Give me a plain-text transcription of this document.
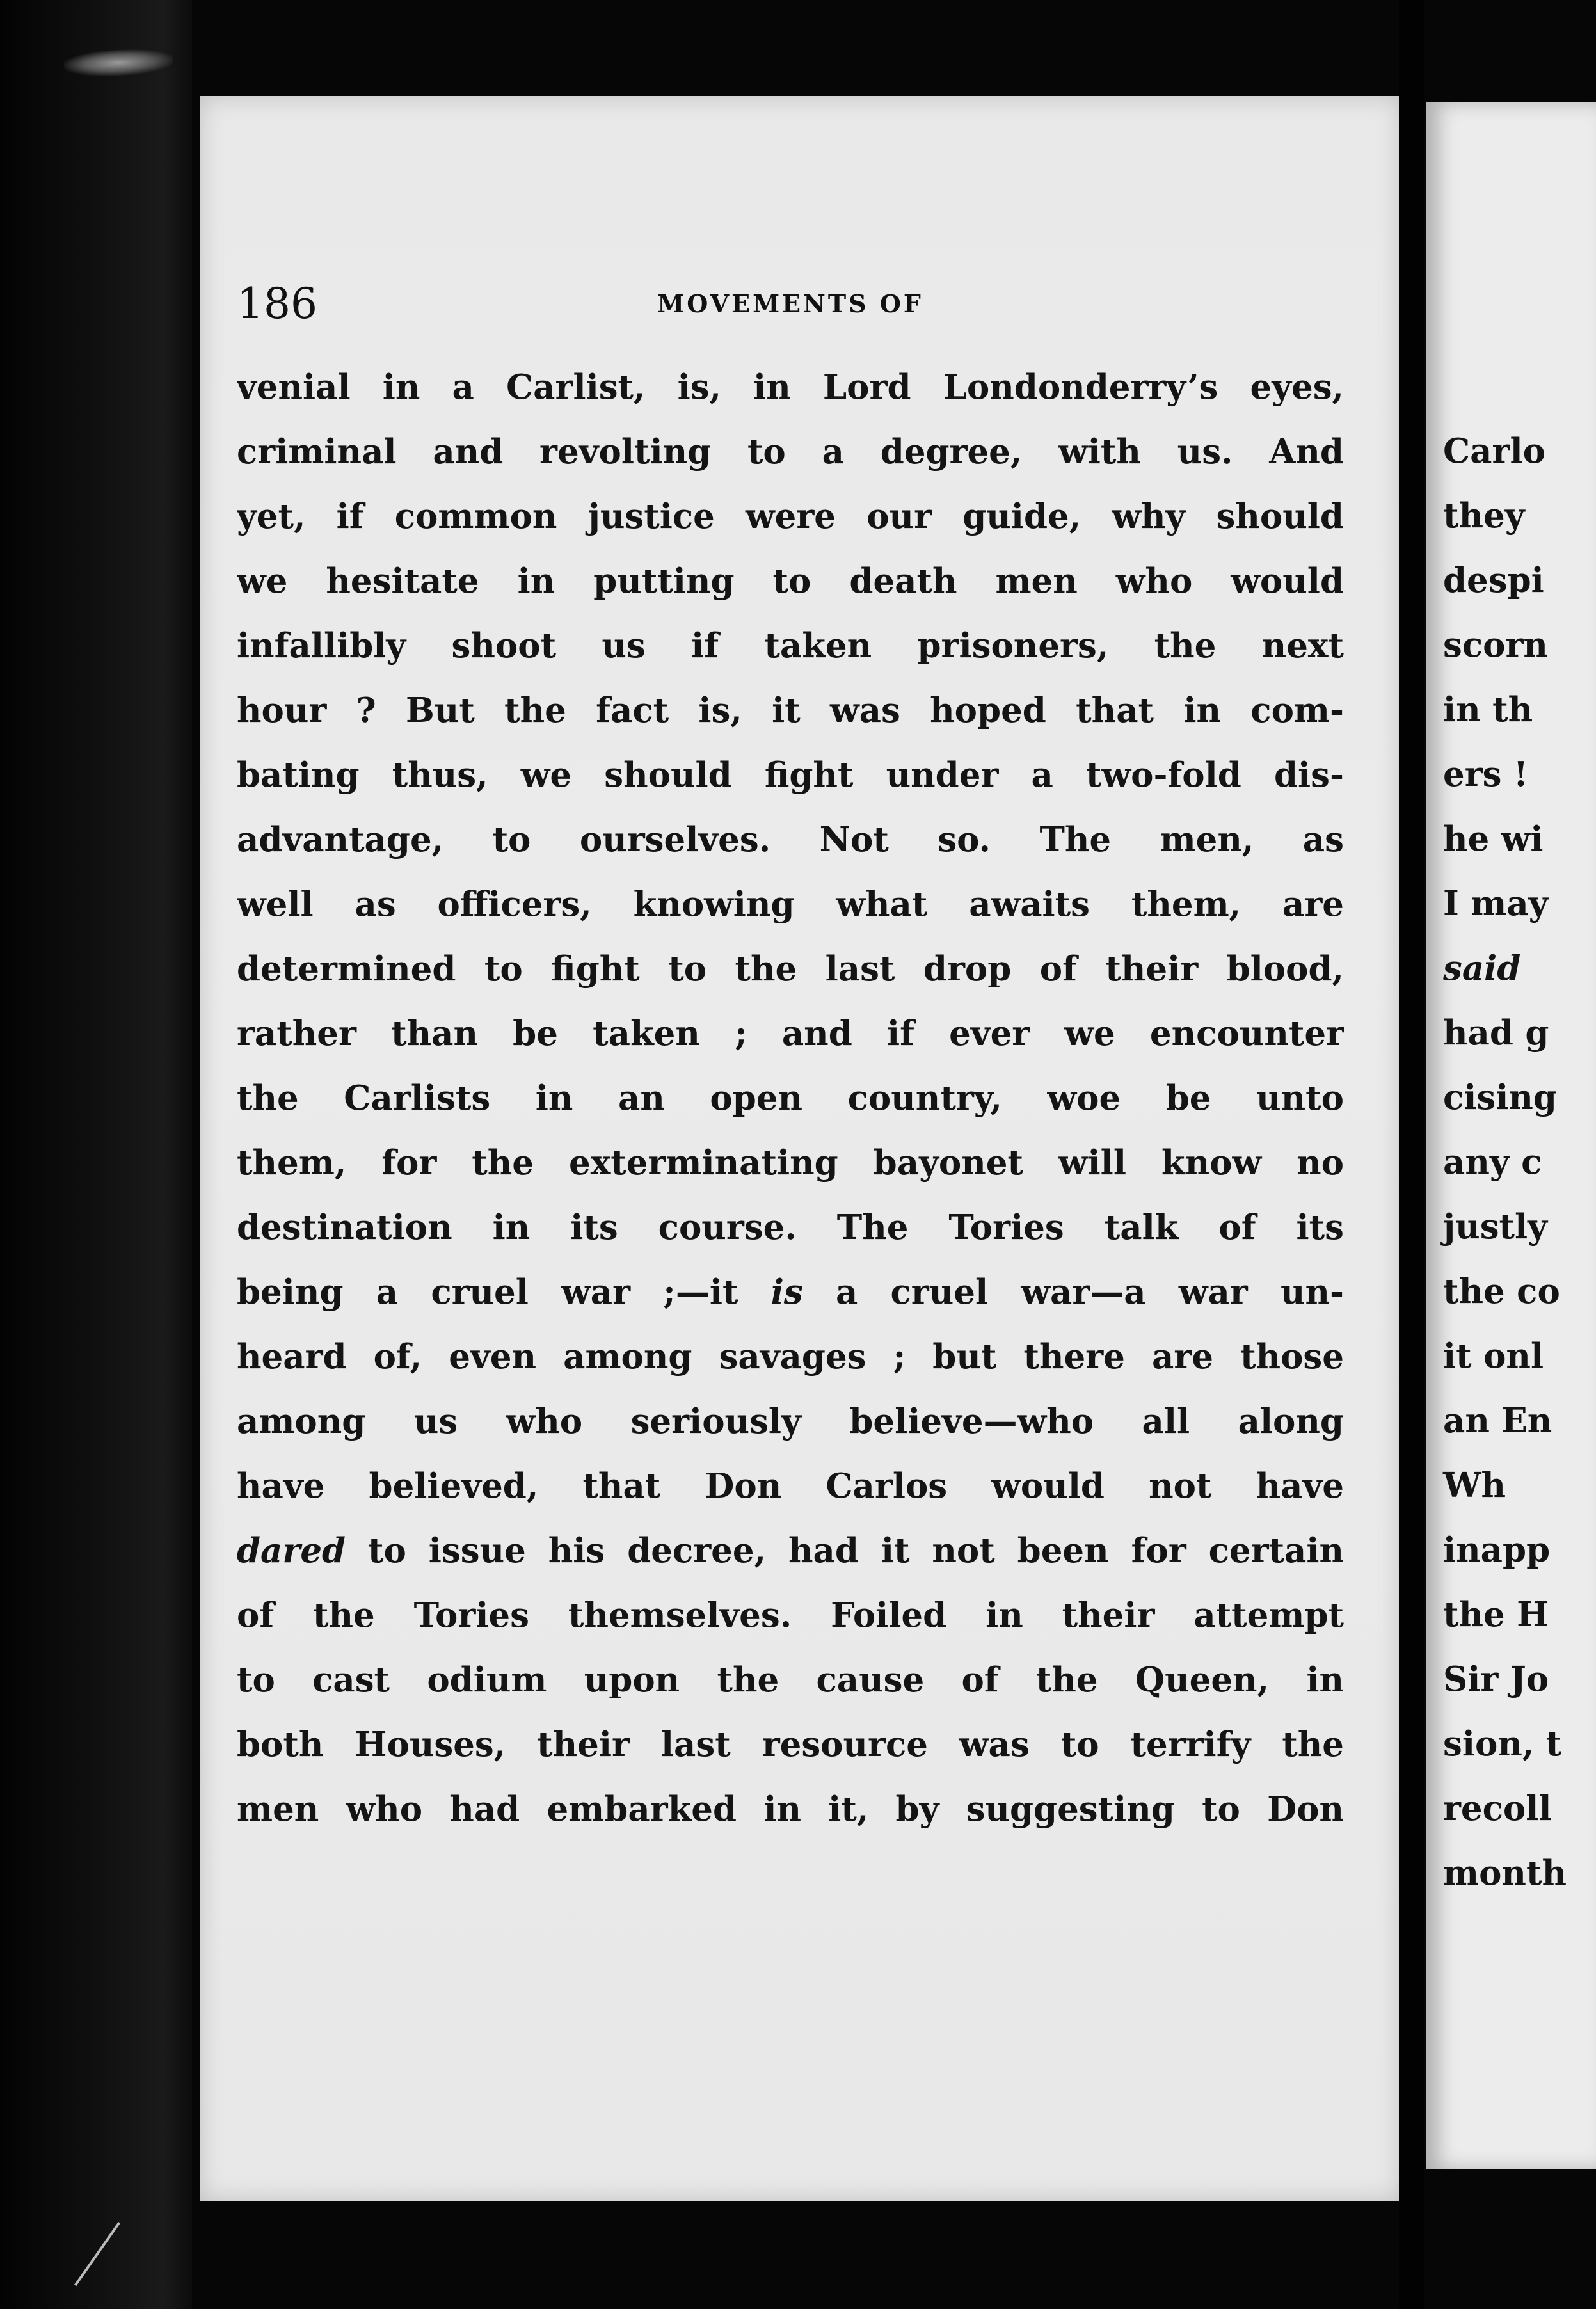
186	MOVEMENTS OF
venial in a Carlist, is, in Lord Londonderry’s eyes,
criminal and revolting to a degree, with us. And
yet, if common justice were our guide, why should
we hesitate in putting to death men who would
infallibly shoot us if taken prisoners, the next
hour ? But the fact is, it was hoped that in com-
bating thus, we should fight under a two-fold dis-
advantage, to ourselves. Not so. The men, as
well as officers, knowing what awaits them, are
determined to fight to the last drop of their blood,
rather than be taken ; and if ever we encounter
the Carlists in an open country, woe be unto
them, for the exterminating bayonet will know no
destination in its course. The Tories talk of its
being a cruel war ;—it is a cruel war—a war un-
heard of, even among savages ; but there are those
among us who seriously believe—who all along
have believed, that Don Carlos would not have
dared to issue his decree, had it not been for certain
of the Tories themselves. Foiled in their attempt
to cast odium upon the cause of the Queen, in
both Houses, their last resource was to terrify the
men who had embarked in it, by suggesting to Don
Carlo
they
despi
scorn
in th
ers !
he wi
I may
said
had g
cising
any c
justly
the co
it onl
an En
Wh
inapp
the H
Sir Jo
sion, t
recoll
month
